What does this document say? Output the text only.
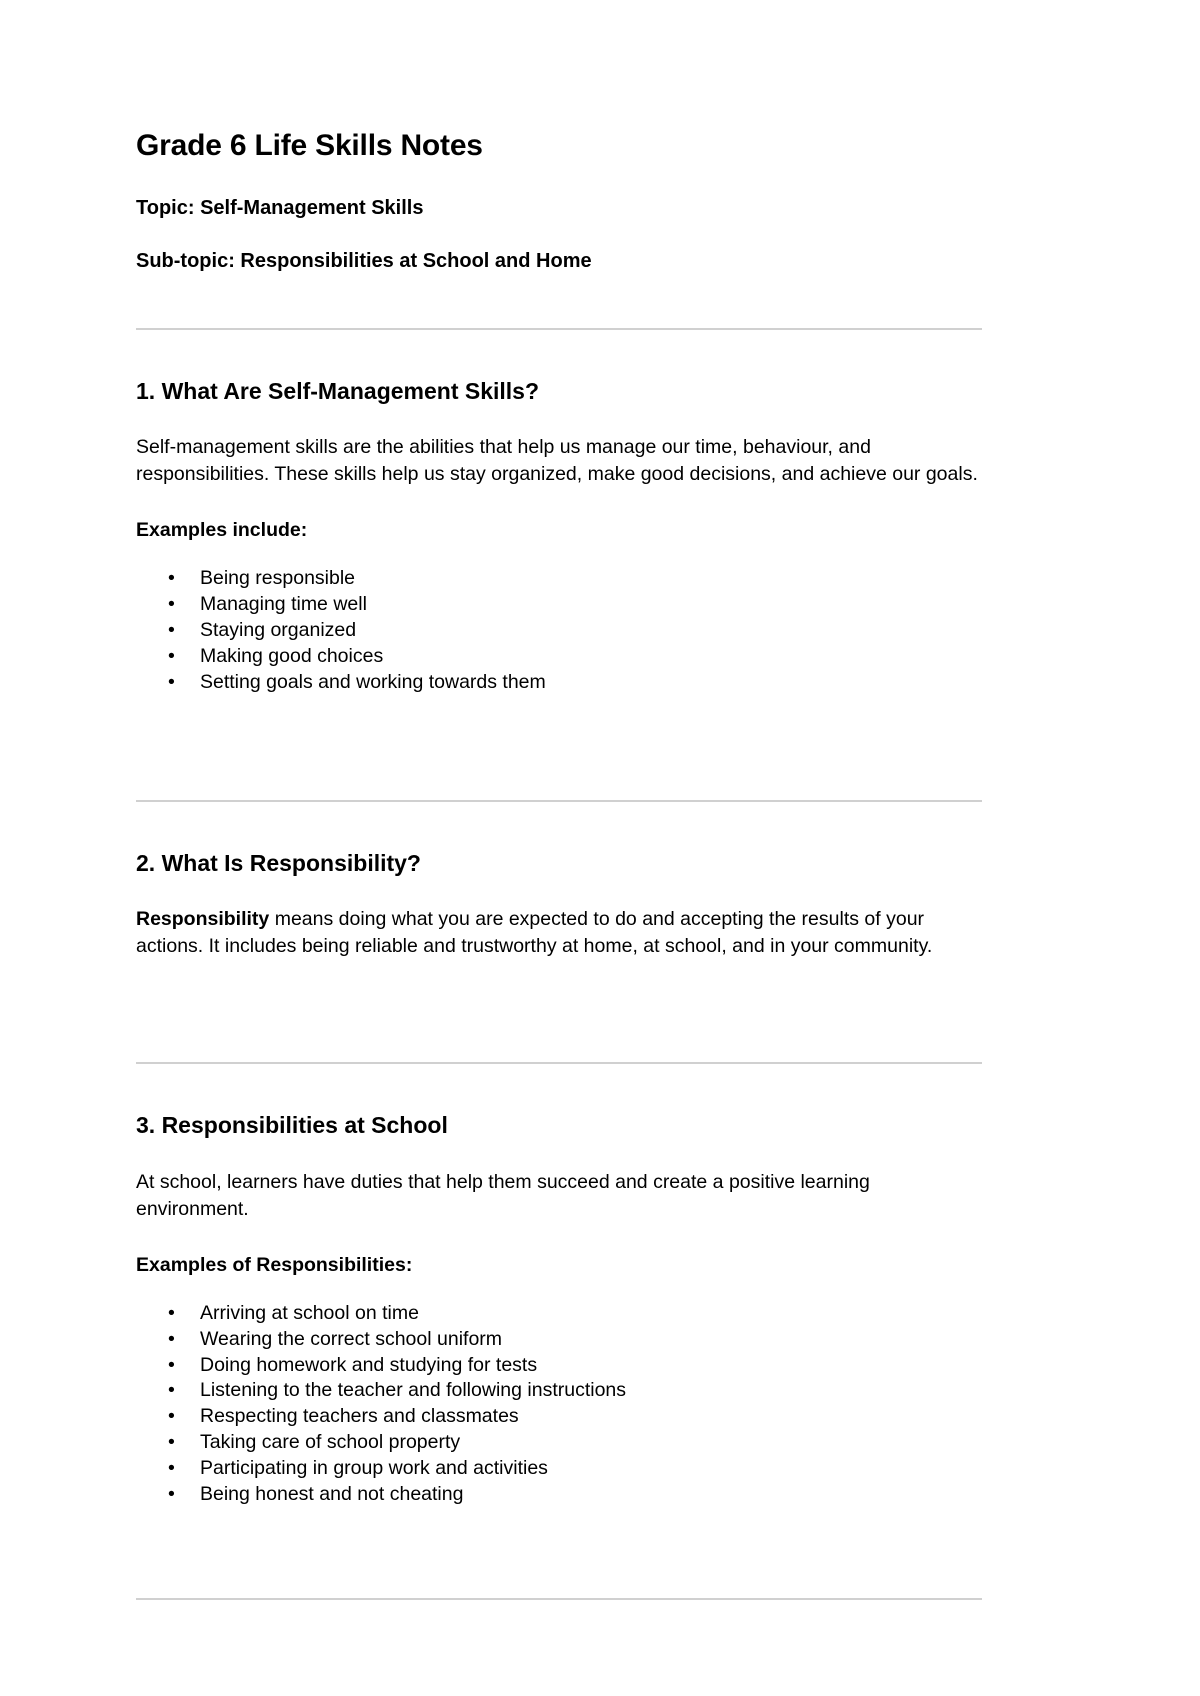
Grade 6 Life Skills Notes

Topic: Self-Management Skills

Sub-topic: Responsibilities at School and Home

1. What Are Self-Management Skills?

Self-management skills are the abilities that help us manage our time, behaviour, and responsibilities. These skills help us stay organized, make good decisions, and achieve our goals.

Examples include:

• Being responsible
• Managing time well
• Staying organized
• Making good choices
• Setting goals and working towards them
2. What Is Responsibility?

Responsibility means doing what you are expected to do and accepting the results of your actions. It includes being reliable and trustworthy at home, at school, and in your community.

3. Responsibilities at School

At school, learners have duties that help them succeed and create a positive learning environment.

Examples of Responsibilities:

• Arriving at school on time
• Wearing the correct school uniform
• Doing homework and studying for tests
• Listening to the teacher and following instructions
• Respecting teachers and classmates
• Taking care of school property
• Participating in group work and activities
• Being honest and not cheating
